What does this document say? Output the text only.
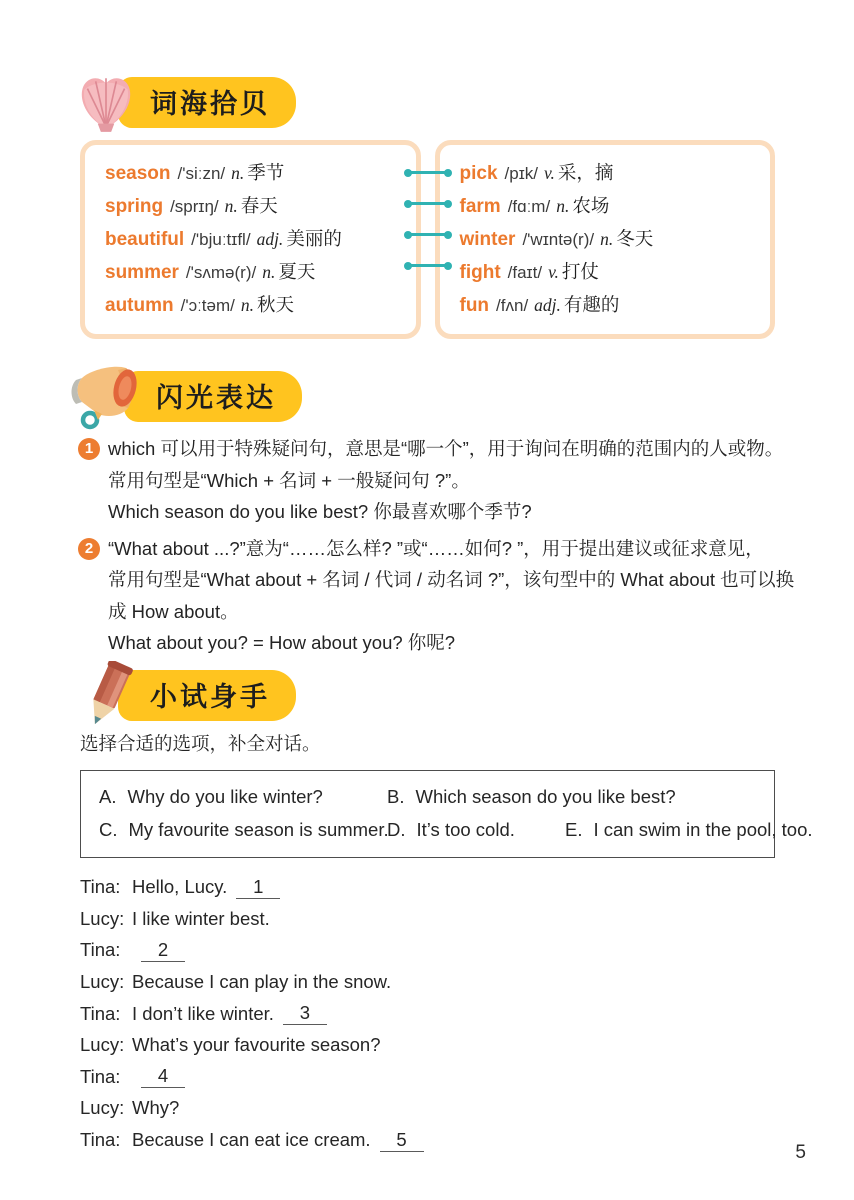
词海拾贝
season /'siːzn/ n. 季节
spring /sprɪŋ/ n. 春天
beautiful /'bjuːtɪfl/ adj. 美丽的
summer /'sʌmə(r)/ n. 夏天
autumn /'ɔːtəm/ n. 秋天
pick /pɪk/ v. 采，摘
farm /fɑːm/ n. 农场
winter /'wɪntə(r)/ n. 冬天
fight /faɪt/ v. 打仗
fun /fʌn/ adj. 有趣的
闪光表达
1 which 可以用于特殊疑问句，意思是“哪一个”，用于询问在明确的范围内的人或物。
常用句型是“Which + 名词 + 一般疑问句 ?”。
Which season do you like best? 你最喜欢哪个季节?
2 “What about ...?”意为“……怎么样? ”或“……如何? ”，用于提出建议或征求意见，
常用句型是“What about + 名词 / 代词 / 动名词 ?”，该句型中的 What about 也可以换
成 How about。
What about you? = How about you? 你呢?
小试身手
选择合适的选项，补全对话。
A. Why do you like winter?	B. Which season do you like best?
C. My favourite season is summer.
D. It’s too cold.	E. I can swim in the pool, too.
Tina: Hello, Lucy.	1
Lucy: I like winter best.
Tina:	2
Lucy: Because I can play in the snow.
Tina: I don’t like winter.	3
Lucy: What’s your favourite season?
Tina:	4
Lucy: Why?
Tina: Because I can eat ice cream.	5
5
